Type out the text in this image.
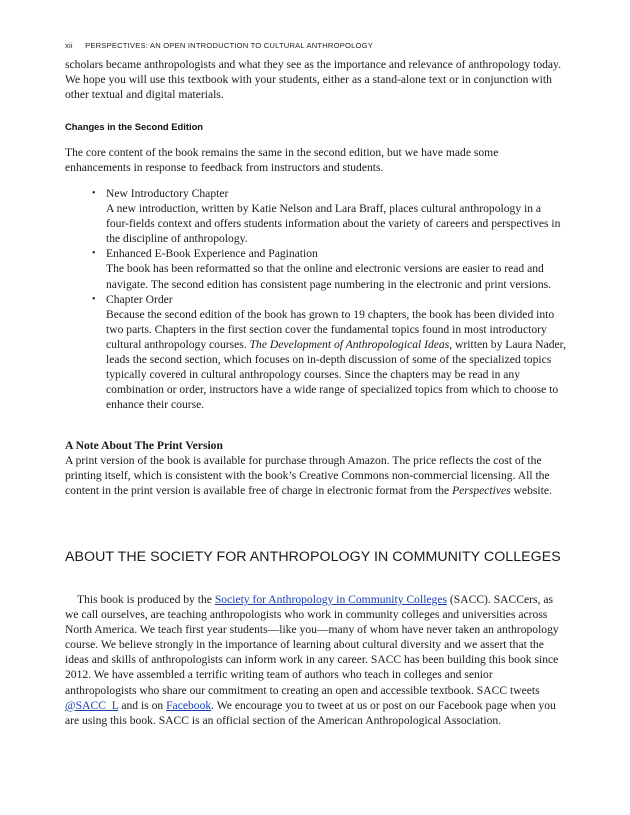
xii PERSPECTIVES: AN OPEN INTRODUCTION TO CULTURAL ANTHROPOLOGY

scholars became anthropologists and what they see as the importance and relevance of anthropology today. We hope you will use this textbook with your students, either as a stand-alone text or in conjunction with other textual and digital materials.

Changes in the Second Edition

The core content of the book remains the same in the second edition, but we have made some enhancements in response to feedback from instructors and students.

• New Introductory Chapter
A new introduction, written by Katie Nelson and Lara Braff, places cultural anthropology in a four-fields context and offers students information about the variety of careers and perspectives in the discipline of anthropology.
• Enhanced E-Book Experience and Pagination
The book has been reformatted so that the online and electronic versions are easier to read and navigate. The second edition has consistent page numbering in the electronic and print versions.
• Chapter Order
Because the second edition of the book has grown to 19 chapters, the book has been divided into two parts. Chapters in the first section cover the fundamental topics found in most introductory cultural anthropology courses. The Development of Anthropological Ideas, written by Laura Nader, leads the second section, which focuses on in-depth discussion of some of the specialized topics typically covered in cultural anthropology courses. Since the chapters may be read in any combination or order, instructors have a wide range of specialized topics from which to choose to enhance their course.
A Note About The Print Version

A print version of the book is available for purchase through Amazon. The price reflects the cost of the printing itself, which is consistent with the book’s Creative Commons non-commercial licensing. All the content in the print version is available free of charge in electronic format from the Perspectives website.

ABOUT THE SOCIETY FOR ANTHROPOLOGY IN COMMUNITY COLLEGES

This book is produced by the Society for Anthropology in Community Colleges (SACC). SACCers, as we call ourselves, are teaching anthropologists who work in community colleges and universities across North America. We teach first year students—like you—many of whom have never taken an anthropology course. We believe strongly in the importance of learning about cultural diversity and we assert that the ideas and skills of anthropologists can inform work in any career. SACC has been building this book since 2012. We have assembled a terrific writing team of authors who teach in colleges and senior anthropologists who share our commitment to creating an open and accessible textbook. SACC tweets @SACC_L and is on Facebook. We encourage you to tweet at us or post on our Facebook page when you are using this book. SACC is an official section of the American Anthropological Association.
